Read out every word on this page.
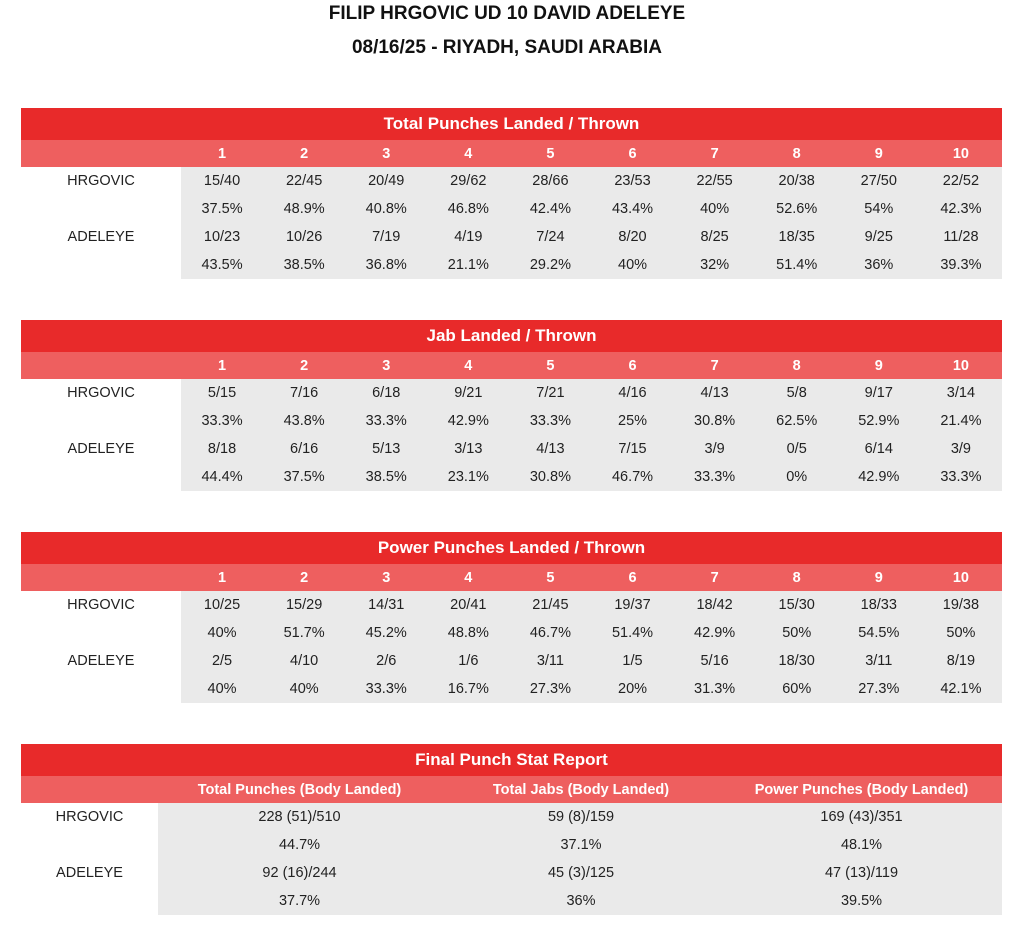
FILIP HRGOVIC UD 10 DAVID ADELEYE
08/16/25 - RIYADH, SAUDI ARABIA
Total Punches Landed / Thrown										
	1	2	3	4	5	6	7	8	9	10
HRGOVIC	15/40	22/45	20/49	29/62	28/66	23/53	22/55	20/38	27/50	22/52
	37.5%	48.9%	40.8%	46.8%	42.4%	43.4%	40%	52.6%	54%	42.3%
ADELEYE	10/23	10/26	7/19	4/19	7/24	8/20	8/25	18/35	9/25	11/28
	43.5%	38.5%	36.8%	21.1%	29.2%	40%	32%	51.4%	36%	39.3%
Jab Landed / Thrown										
	1	2	3	4	5	6	7	8	9	10
HRGOVIC	5/15	7/16	6/18	9/21	7/21	4/16	4/13	5/8	9/17	3/14
	33.3%	43.8%	33.3%	42.9%	33.3%	25%	30.8%	62.5%	52.9%	21.4%
ADELEYE	8/18	6/16	5/13	3/13	4/13	7/15	3/9	0/5	6/14	3/9
	44.4%	37.5%	38.5%	23.1%	30.8%	46.7%	33.3%	0%	42.9%	33.3%
Power Punches Landed / Thrown										
	1	2	3	4	5	6	7	8	9	10
HRGOVIC	10/25	15/29	14/31	20/41	21/45	19/37	18/42	15/30	18/33	19/38
	40%	51.7%	45.2%	48.8%	46.7%	51.4%	42.9%	50%	54.5%	50%
ADELEYE	2/5	4/10	2/6	1/6	3/11	1/5	5/16	18/30	3/11	8/19
	40%	40%	33.3%	16.7%	27.3%	20%	31.3%	60%	27.3%	42.1%
Final Punch Stat Report			
	Total Punches (Body Landed)	Total Jabs (Body Landed)	Power Punches (Body Landed)
HRGOVIC	228 (51)/510	59 (8)/159	169 (43)/351
	44.7%	37.1%	48.1%
ADELEYE	92 (16)/244	45 (3)/125	47 (13)/119
	37.7%	36%	39.5%
